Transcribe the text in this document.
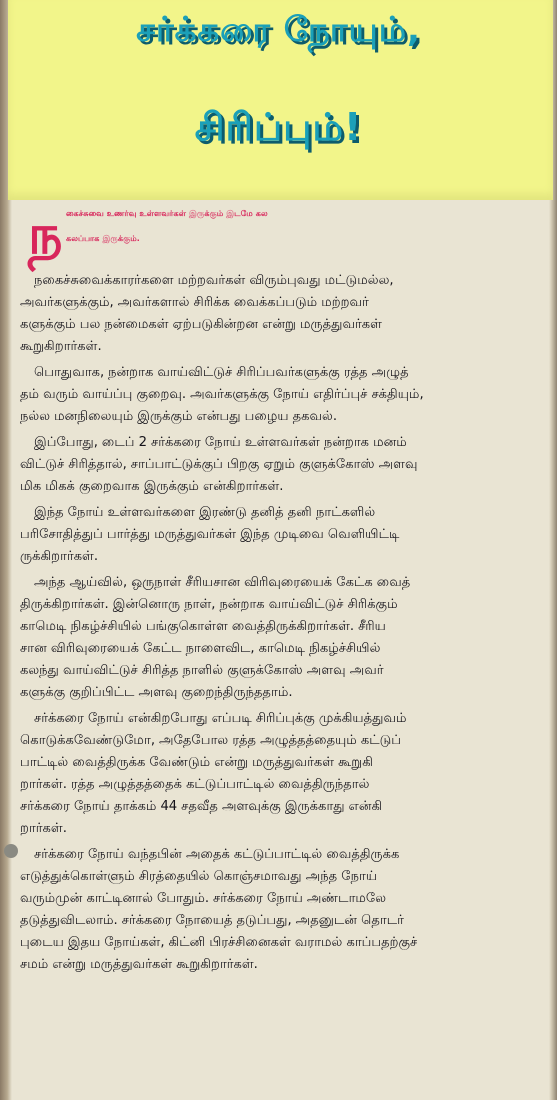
சர்க்கரை நோயும்,
சிரிப்பும்!
ந கைச்சுவை உணர்வு உள்ளவர்கள் இருக்கும் இடமே கல
கலப்பாக இருக்கும்.
நகைச்சுவைக்காரர்களை மற்றவர்கள் விரும்புவது மட்டுமல்ல,
அவர்களுக்கும், அவர்களால் சிரிக்க வைக்கப்படும் மற்றவர்
களுக்கும் பல நன்மைகள் ஏற்படுகின்றன என்று மருத்துவர்கள்
கூறுகிறார்கள்.
பொதுவாக, நன்றாக வாய்விட்டுச் சிரிப்பவர்களுக்கு ரத்த அழுத்
தம் வரும் வாய்ப்பு குறைவு. அவர்களுக்கு நோய் எதிர்ப்புச் சக்தியும்,
நல்ல மனநிலையும் இருக்கும் என்பது பழைய தகவல்.
இப்போது, டைப் 2 சர்க்கரை நோய் உள்ளவர்கள் நன்றாக மனம்
விட்டுச் சிரித்தால், சாப்பாட்டுக்குப் பிறகு ஏறும் குளுக்கோஸ் அளவு
மிக மிகக் குறைவாக இருக்கும் என்கிறார்கள்.
இந்த நோய் உள்ளவர்களை இரண்டு தனித் தனி நாட்களில்
பரிசோதித்துப் பார்த்து மருத்துவர்கள் இந்த முடிவை வெளியிட்டி
ருக்கிறார்கள்.
அந்த ஆய்வில், ஒருநாள் சீரியசான விரிவுரையைக் கேட்க வைத்
திருக்கிறார்கள். இன்னொரு நாள், நன்றாக வாய்விட்டுச் சிரிக்கும்
காமெடி நிகழ்ச்சியில் பங்குகொள்ள வைத்திருக்கிறார்கள். சீரிய
சான விரிவுரையைக் கேட்ட நாளைவிட, காமெடி நிகழ்ச்சியில்
கலந்து வாய்விட்டுச் சிரித்த நாளில் குளுக்கோஸ் அளவு அவர்
களுக்கு குறிப்பிட்ட அளவு குறைந்திருந்ததாம்.
சர்க்கரை நோய் என்கிறபோது எப்படி சிரிப்புக்கு முக்கியத்துவம்
கொடுக்கவேண்டுமோ, அதேபோல ரத்த அழுத்தத்தையும் கட்டுப்
பாட்டில் வைத்திருக்க வேண்டும் என்று மருத்துவர்கள் கூறுகி
றார்கள். ரத்த அழுத்தத்தைக் கட்டுப்பாட்டில் வைத்திருந்தால்
சர்க்கரை நோய் தாக்கம் 44 சதவீத அளவுக்கு இருக்காது என்கி
றார்கள்.
சர்க்கரை நோய் வந்தபின் அதைக் கட்டுப்பாட்டில் வைத்திருக்க
எடுத்துக்கொள்ளும் சிரத்தையில் கொஞ்சமாவது அந்த நோய்
வரும்முன் காட்டினால் போதும். சர்க்கரை நோய் அண்டாமலே
தடுத்துவிடலாம். சர்க்கரை நோயைத் தடுப்பது, அதனுடன் தொடர்
புடைய இதய நோய்கள், கிட்னி பிரச்சினைகள் வராமல் காப்பதற்குச்
சமம் என்று மருத்துவர்கள் கூறுகிறார்கள்.
